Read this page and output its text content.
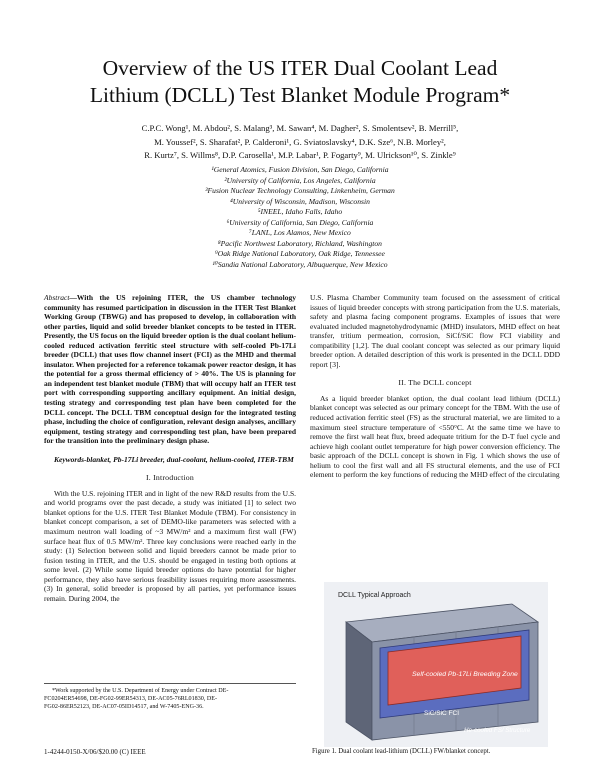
Overview of the US ITER Dual Coolant Lead
Lithium (DCLL) Test Blanket Module Program*
C.P.C. Wong¹, M. Abdou², S. Malang³, M. Sawan⁴, M. Dagher², S. Smolentsev², B. Merrill⁵,
M. Youssef², S. Sharafat², P. Calderoni¹, G. Sviatoslavsky⁴, D.K. Sze⁶, N.B. Morley²,
R. Kurtz⁷, S. Willms⁸, D.P. Carosella¹, M.P. Labar¹, P. Fogarty⁹, M. Ulrickson¹⁰, S. Zinkle⁹
¹General Atomics, Fusion Division, San Diego, California
²University of California, Los Angeles, California
³Fusion Nuclear Technology Consulting, Linkenheim, German
⁴University of Wisconsin, Madison, Wisconsin
⁵INEEL, Idaho Falls, Idaho
⁶University of California, San Diego, California
⁷LANL, Los Alamos, New Mexico
⁸Pacific Northwest Laboratory, Richland, Washington
⁹Oak Ridge National Laboratory, Oak Ridge, Tennessee
¹⁰Sandia National Laboratory, Albuquerque, New Mexico

Abstract—With the US rejoining ITER, the US chamber technology community has resumed participation in discussion in the ITER Test Blanket Working Group (TBWG) and has proposed to develop, in collaboration with other parties, liquid and solid breeder blanket concepts to be tested in ITER. Presently, the US focus on the liquid breeder option is the dual coolant helium-cooled reduced activation ferritic steel structure with self-cooled Pb-17Li breeder (DCLL) that uses flow channel insert (FCI) as the MHD and thermal insulator. When projected for a reference tokamak power reactor design, it has the potential for a gross thermal efficiency of > 40%. The US is planning for an independent test blanket module (TBM) that will occupy half an ITER test port with corresponding supporting ancillary equipment. An initial design, testing strategy and corresponding test plan have been completed for the DCLL concept. The DCLL TBM conceptual design for the integrated testing phase, including the choice of configuration, relevant design analyses, ancillary equipment, testing strategy and corresponding test plan, have been prepared for the transition into the preliminary design phase.

Keywords-blanket, Pb-17Li breeder, dual-coolant, helium-cooled, ITER-TBM

I. Introduction

With the U.S. rejoining ITER and in light of the new R&D results from the U.S. and world programs over the past decade, a study was initiated [1] to select two blanket options for the U.S. ITER Test Blanket Module (TBM). For consistency in blanket concept comparison, a set of DEMO-like parameters was selected with a maximum neutron wall loading of ~3 MW/m² and a maximum first wall (FW) surface heat flux of 0.5 MW/m². Three key conclusions were reached early in the study: (1) Selection between solid and liquid breeders cannot be made prior to fusion testing in ITER, and the U.S. should be engaged in testing both options at some level. (2) While some liquid breeder options do have potential for higher performance, they also have serious feasibility issues requiring more assessments. (3) In general, solid breeder is proposed by all parties, yet performance issues remain. During 2004, the

U.S. Plasma Chamber Community team focused on the assessment of critical issues of liquid breeder concepts with strong participation from the U.S. materials, safety and plasma facing component programs. Examples of issues that were evaluated included magnetohydrodynamic (MHD) insulators, MHD effect on heat transfer, tritium permeation, corrosion, SiCf/SiC flow FCI viability and compatibility [1,2]. The dual coolant concept was selected as our primary liquid breeder option. A detailed description of this work is presented in the DCLL DDD report [3].

II. The DCLL concept

As a liquid breeder blanket option, the dual coolant lead lithium (DCLL) blanket concept was selected as our primary concept for the TBM. With the use of reduced activation ferritic steel (FS) as the structural material, we are limited to a maximum steel structure temperature of <550°C. At the same time we have to remove the first wall heat flux, breed adequate tritium for the D-T fuel cycle and achieve high coolant outlet temperature for high power conversion efficiency. The basic approach of the DCLL concept is shown in Fig. 1 which shows the use of helium to cool the first wall and all FS structural elements, and the use of FCI element to perform the key functions of reducing the MHD effect of the circulating

*Work supported by the U.S. Department of Energy under Contract DE-
FC0204ER54698, DE-FG02-99ER54313, DE-AC05-76RL01830, DE-
FG02-86ER52123, DE-AC07-05ID14517, and W-7405-ENG-36.
1-4244-0150-X/06/$20.00 (C) IEEE
DCLL Typical Approach
Self-cooled Pb-17Li Breeding Zone
SiC/SiC FCI
He-cooled FS/ Structure
Figure 1. Dual coolant lead-lithium (DCLL) FW/blanket concept.
